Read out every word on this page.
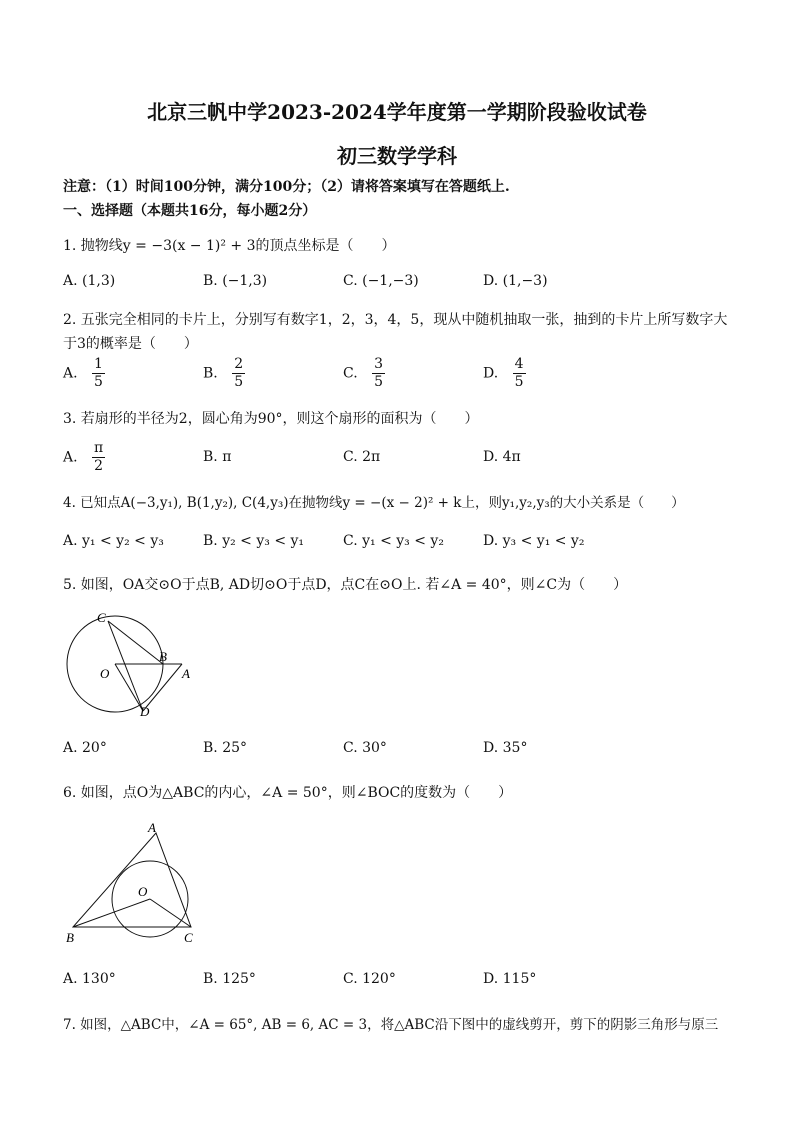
北京三帆中学2023-2024学年度第一学期阶段验收试卷
初三数学学科
注意：（1）时间100分钟，满分100分；（2）请将答案填写在答题纸上.
一、选择题（本题共16分，每小题2分）
1. 抛物线y = −3(x − 1)² + 3的顶点坐标是（　　）
A. (1,3)	B. (−1,3)	C. (−1,−3)	D. (1,−3)
2. 五张完全相同的卡片上，分别写有数字1，2，3，4，5，现从中随机抽取一张，抽到的卡片上所写数字大
于3的概率是（　　）
A. $\frac{1}{5}$	B. $\frac{2}{5}$	C. $\frac{3}{5}$	D. $\frac{4}{5}$
3. 若扇形的半径为2，圆心角为90°，则这个扇形的面积为（　　）
A. $\frac{\pi}{2}$	B. π	C. 2π	D. 4π
4. 已知点A(−3,y₁), B(1,y₂), C(4,y₃)在抛物线y = −(x − 2)² + k上，则y₁,y₂,y₃的大小关系是（　　）
A. y₁ < y₂ < y₃	B. y₂ < y₃ < y₁	C. y₁ < y₃ < y₂	D. y₃ < y₁ < y₂
5. 如图，OA交⊙O于点B, AD切⊙O于点D，点C在⊙O上. 若∠A = 40°，则∠C为（　　）
C
O
B
A
D
A. 20°	B. 25°	C. 30°	D. 35°
6. 如图，点O为△ABC的内心，∠A = 50°，则∠BOC的度数为（　　）
A
O
B	C
A. 130°	B. 125°	C. 120°	D. 115°
7. 如图，△ABC中，∠A = 65°, AB = 6, AC = 3，将△ABC沿下图中的虚线剪开，剪下的阴影三角形与原三
